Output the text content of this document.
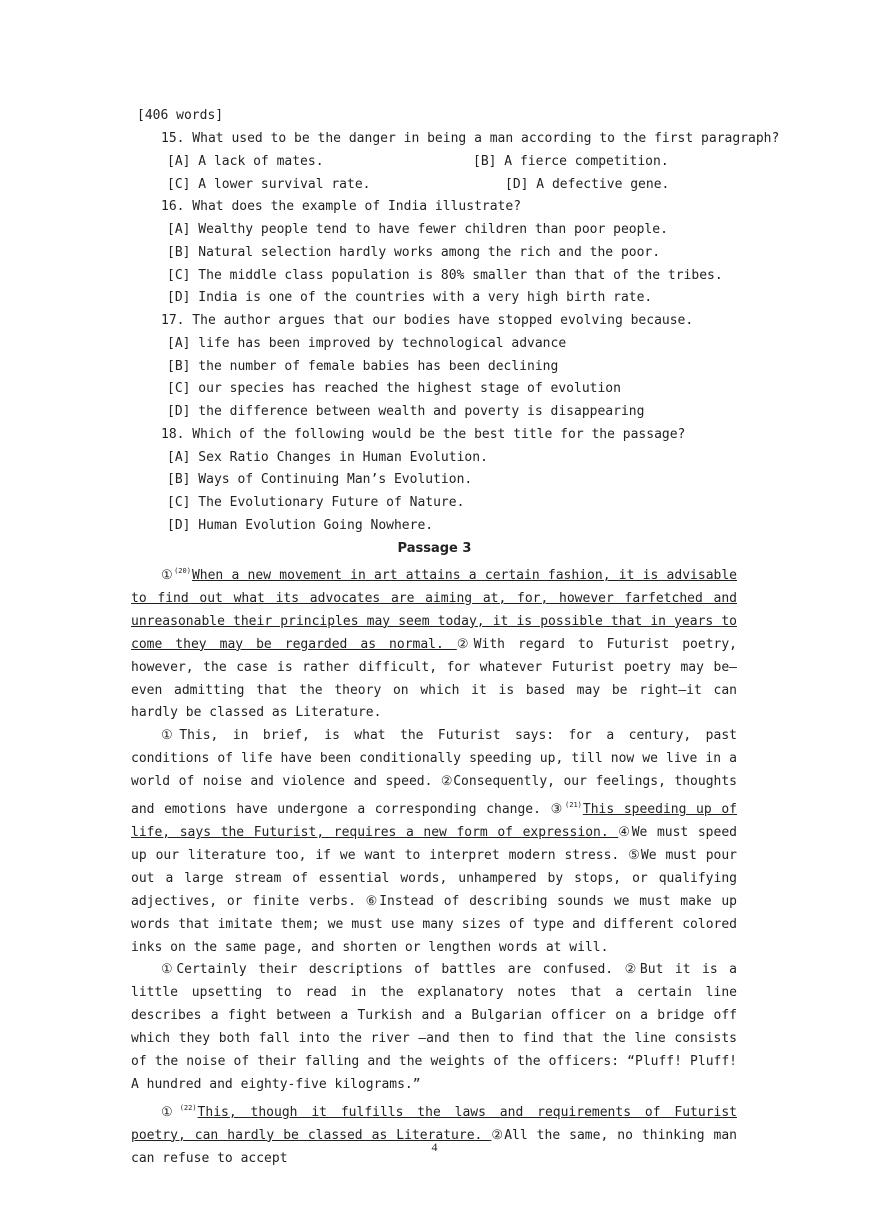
[406 words]
15. What used to be the danger in being a man according to the first paragraph?
[A] A lack of mates.	[B] A fierce competition.
[C] A lower survival rate.	[D] A defective gene.
16. What does the example of India illustrate?
[A] Wealthy people tend to have fewer children than poor people.
[B] Natural selection hardly works among the rich and the poor.
[C] The middle class population is 80% smaller than that of the tribes.
[D] India is one of the countries with a very high birth rate.
17. The author argues that our bodies have stopped evolving because.
[A] life has been improved by technological advance
[B] the number of female babies has been declining
[C] our species has reached the highest stage of evolution
[D] the difference between wealth and poverty is disappearing
18. Which of the following would be the best title for the passage?
[A] Sex Ratio Changes in Human Evolution.
[B] Ways of Continuing Man’s Evolution.
[C] The Evolutionary Future of Nature.
[D] Human Evolution Going Nowhere.
Passage 3

①$^{(20)}$When a new movement in art attains a certain fashion, it is advisable to find out what its advocates are aiming at, for, however farfetched and unreasonable their principles may seem today, it is possible that in years to come they may be regarded as normal. ②With regard to Futurist poetry, however, the case is rather difficult, for whatever Futurist poetry may be—even admitting that the theory on which it is based may be right—it can hardly be classed as Literature.

①This, in brief, is what the Futurist says: for a century, past conditions of life have been conditionally speeding up, till now we live in a world of noise and violence and speed. ②Consequently, our feelings, thoughts and emotions have undergone a corresponding change. ③$^{(21)}$This speeding up of life, says the Futurist, requires a new form of expression. ④We must speed up our literature too, if we want to interpret modern stress. ⑤We must pour out a large stream of essential words, unhampered by stops, or qualifying adjectives, or finite verbs. ⑥Instead of describing sounds we must make up words that imitate them; we must use many sizes of type and different colored inks on the same page, and shorten or lengthen words at will.

①Certainly their descriptions of battles are confused. ②But it is a little upsetting to read in the explanatory notes that a certain line describes a fight between a Turkish and a Bulgarian officer on a bridge off which they both fall into the river —and then to find that the line consists of the noise of their falling and the weights of the officers: “Pluff! Pluff! A hundred and eighty-five kilograms.”

①$^{(22)}$This, though it fulfills the laws and requirements of Futurist poetry, can hardly be classed as Literature. ②All the same, no thinking man can refuse to accept

4
